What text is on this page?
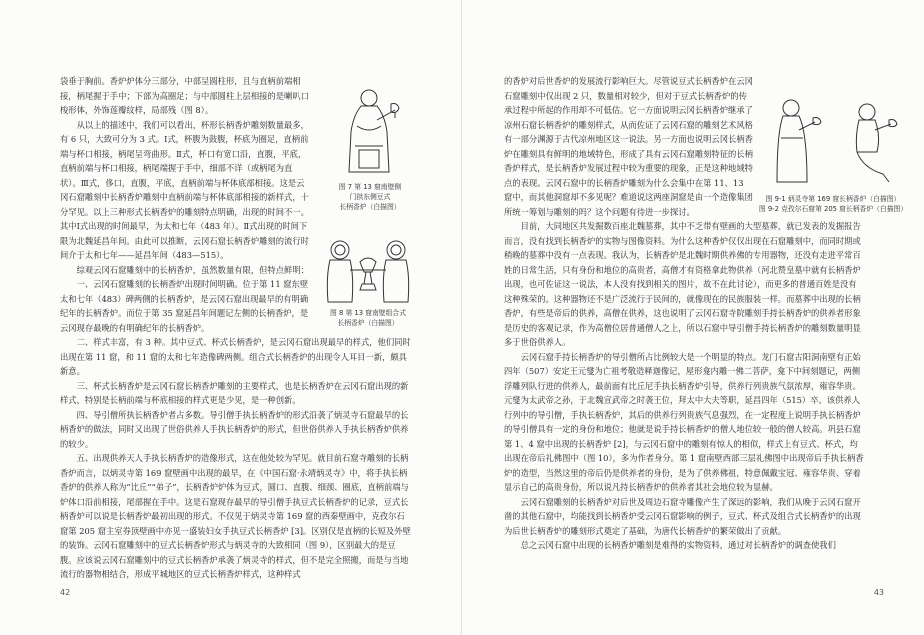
袋垂于胸前。香炉炉体分三部分，中部呈圆柱形，且与直柄前端相接，柄尾握于手中；下部为高圈足；与中部圆柱上层相接的是喇叭口梭形体，外饰莲瓣纹样，局部残（图 8）。

从以上的描述中，我们可以看出，杯形长柄香炉雕刻数量最多，有 6 只，大致可分为 3 式。Ⅰ式，杯腹为鼓腹，杯底为圈足，直柄前端与杯口相接，柄尾呈弯曲形。Ⅱ式，杯口有宽口沿，直腹，平底，直柄前端与杯口相接，柄尾端握于手中，细部不详（或柄尾为直状）。Ⅲ式，侈口，直腹，平底，直柄前端与杯体底部相接。这是云冈石窟雕刻中长柄香炉雕刻中直柄前端与杯体底部相接的新样式，十分罕见。以上三种形式长柄香炉的雕刻特点明确，出现的时间不一。其中Ⅰ式出现的时间最早，为太和七年（483 年）。Ⅱ式出现的时间下限为北魏延昌年间。由此可以推断，云冈石窟长柄香炉雕刻的流行时间介于太和七年——延昌年间（483—515）。

综观云冈石窟雕刻中的长柄香炉，虽然数量有限，但特点鲜明：

一、云冈石窟雕刻的长柄香炉出现时间明确。位于第 11 窟东壁太和七年（483）碑两侧的长柄香炉，是云冈石窟出现最早的有明确纪年的长柄香炉。而位于第 35 窟延昌年间题记左侧的长柄香炉，是云冈现存最晚的有明确纪年的长柄香炉。

二、样式丰富，有 3 种。其中豆式、杯式长柄香炉，是云冈石窟出现最早的样式，他们同时出现在第 11 窟，和 11 窟的太和七年造像碑两侧。组合式长柄香炉的出现令人耳目一新，颇具新意。

三、杯式长柄香炉是云冈石窟长柄香炉雕刻的主要样式，也是长柄香炉在云冈石窟出现的新样式，特别是长柄前端与杯底相接的样式更是少见，是一种创新。

四、导引僧所执长柄香炉者占多数。导引僧手执长柄香炉的形式沿袭了炳灵寺石窟最早的长柄香炉的做法，同时又出现了世俗供养人手执长柄香炉的形式，但世俗供养人手执长柄香炉供养的较少。

五、出现供养天人手执长柄香炉的造像形式，这在他处较为罕见。就目前石窟寺雕刻的长柄香炉而言，以炳灵寺第 169 窟壁画中出现的最早，在《中国石窟·永靖炳灵寺》中，将手执长柄香炉的供养人称为“比丘”“弟子”，长柄香炉炉体为豆式，圆口、直腹、细颈、圈底，直柄前端与炉体口沿前相接，尾部握在手中。这是石窟现存最早的导引僧手执豆式长柄香炉的记录，豆式长柄香炉可以说是长柄香炉最初出现的形式。不仅见于炳灵寺第 169 窟的西秦壁画中，克孜尔石窟第 205 窟主室券顶壁画中亦见一盛装妇女手执豆式长柄香炉 [3]。区别仅是直柄的长短及外壁的装饰。云冈石窟雕刻中的豆式长柄香炉形式与炳灵寺的大致相同（图 9），区别最大的是豆腹。应该说云冈石窟雕刻中的豆式长柄香炉承袭了炳灵寺的样式，但不是完全照搬，而是与当地流行的器物相结合，形成平城地区的豆式长柄香炉样式，这种样式

图 7 第 13 窟南壁侧
门拱东侧豆式
长柄香炉（白描图）
图 8 第 13 窟南壁组合式
长柄香炉（白描图）
42

的香炉对后世香炉的发展流行影响巨大。尽管说豆式长柄香炉在云冈石窟雕刻中仅出现 2 只，数量相对较少，但对于豆式长柄香炉的传承过程中所起的作用却不可低估。它一方面说明云冈长柄香炉继承了凉州石窟长柄香炉的雕刻样式，从而佐证了云冈石窟的雕刻艺术风格有一部分渊源于古代凉州地区这一说法。另一方面也说明云冈长柄香炉在雕刻具有鲜明的地域特色，形成了具有云冈石窟雕刻特征的长柄香炉样式，是长柄香炉发展过程中较为重要的现象，正是这种地域特点的表现。云冈石窟中的长柄香炉雕刻为什么会集中在第 11、13 窟中，而其他洞窟却不多见呢？难道说这两座洞窟是由一个造像集团所统一筹划与雕刻的吗？这个问题有待进一步探讨。

目前，大同地区共发掘数百座北魏墓葬，其中不乏带有壁画的大型墓葬，就已发表的发掘报告而言，没有找到长柄香炉的实物与图像资料。为什么这种香炉仅仅出现在石窟雕刻中，而同时期或稍晚的墓葬中没有一点表现。我认为，长柄香炉是北魏时期供养佛的专用器物，还没有走进平常百姓的日常生活，只有身份和地位的高贵者，高僧才有资格拿此物供养（河北赞皇墓中就有长柄香炉出现，也可佐证这一说法，本人没有找到相关的图片，故不在此讨论），而更多的普通百姓是没有这种殊荣的。这种器物还不是广泛流行于民间的，就像现在的民族服装一样。而墓葬中出现的长柄香炉，有些是帝后的供养，高僧在供养，这也说明了云冈石窟寺院雕刻手持长柄香炉的供养者形象是历史的客观记录，作为高僧位居普通僧人之上，所以石窟中导引僧手持长柄香炉的雕刻数量明显多于世俗供养人。

云冈石窟手持长柄香炉的导引僧所占比例较大是一个明显的特点。龙门石窟古阳洞南壁有正始四年（507）安定王元燮为亡祖考敬造释迦像记，屋形龛内雕一佛二菩萨，龛下中间刻题记，两侧浮雕列队行进的供养人，最前面有比丘尼手执长柄香炉引导，供养行列贵族气氛浓厚，雍容华贵。元燮为太武帝之孙，于北魏宣武帝之时袭王位，拜太中大夫等职，延昌四年（515）卒。该供养人行列中的导引僧，手执长柄香炉，其后的供养行列贵族气息强烈，在一定程度上说明手执长柄香炉的导引僧具有一定的身份和地位；他就是说手持长柄香炉的僧人地位较一般的僧人较高。巩县石窟第 1、4 窟中出现的长柄香炉 [2]，与云冈石窟中的雕刻有惊人的相似，样式上有豆式、杯式，均出现在帝后礼佛图中（图 10），多为作者身分。第 1 窟南壁西部三层礼佛图中出现帝后手执长柄香炉的造型，当然这里的帝后仍是供养者的身份，是为了供养佛祖，特意佩戴宝冠、雍容华贵、穿着显示自己的高贵身份，所以说凡持长柄香炉的供养者其社会地位较为显赫。

云冈石窟雕刻的长柄香炉对后世及周边石窟寺雕像产生了深远的影响，我们从晚于云冈石窟开凿的其他石窟中，均能找到长柄香炉受云冈石窟影响的例子，豆式、杯式及组合式长柄香炉的出现为后世长柄香炉的雕刻形式奠定了基础，为唐代长柄香炉的繁荣做出了贡献。

总之云冈石窟中出现的长柄香炉雕刻是难得的实物资料，通过对长柄香炉的调查使我们

图 9-1 炳灵寺第 169 窟长柄香炉（白描图）
图 9-2 克孜尔石窟第 205 窟长柄香炉（白描图）
43
